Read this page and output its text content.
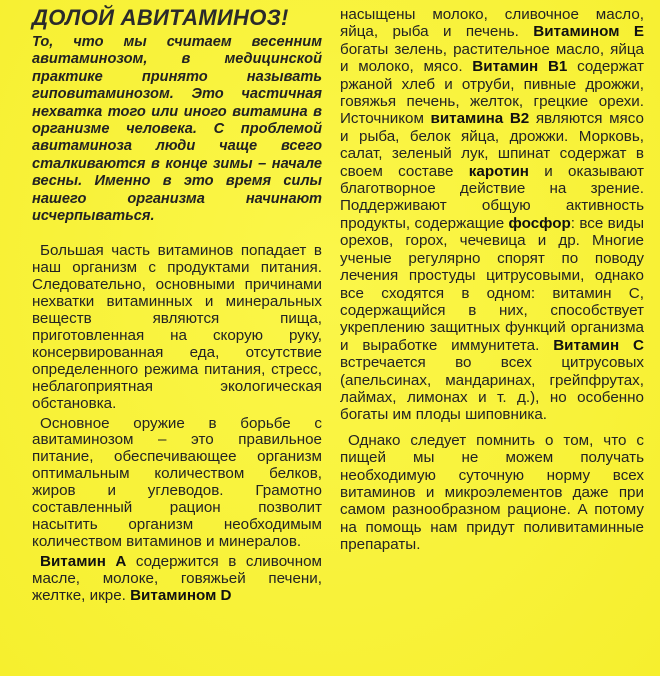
ДОЛОЙ АВИТАМИНОЗ!

То, что мы считаем весенним авитаминозом, в медицинской практике принято называть гиповитаминозом. Это частичная нехватка того или иного витамина в организме человека. С проблемой авитаминоза люди чаще всего сталкиваются в конце зимы – начале весны. Именно в это время силы нашего организма начинают исчерпываться.

Большая часть витаминов попадает в наш организм с продуктами питания. Следовательно, основными причинами нехватки витаминных и минеральных веществ являются пища, приготовленная на скорую руку, консервированная еда, отсутствие определенного режима питания, стресс, неблагоприятная экологическая обстановка.

Основное оружие в борьбе с авитаминозом – это правильное питание, обеспечивающее организм оптимальным количеством белков, жиров и углеводов. Грамотно составленный рацион позволит насытить организм необходимым количеством витаминов и минералов.

Витамин А содержится в сливочном масле, молоке, говяжьей печени, желтке, икре. Витамином D

насыщены молоко, сливочное масло, яйца, рыба и печень. Витамином Е богаты зелень, растительное масло, яйца и молоко, мясо. Витамин В1 содержат ржаной хлеб и отруби, пивные дрожжи, говяжья печень, желток, грецкие орехи. Источником витамина В2 являются мясо и рыба, белок яйца, дрожжи. Морковь, салат, зеленый лук, шпинат содержат в своем составе каротин и оказывают благотворное действие на зрение. Поддерживают общую активность продукты, содержащие фосфор: все виды орехов, горох, чечевица и др. Многие ученые регулярно спорят по поводу лечения простуды цитрусовыми, однако все сходятся в одном: витамин С, содержащийся в них, способствует укреплению защитных функций организма и выработке иммунитета. Витамин С встречается во всех цитрусовых (апельсинах, мандаринах, грейпфрутах, лаймах, лимонах и т. д.), но особенно богаты им плоды шиповника.

Однако следует помнить о том, что с пищей мы не можем получать необходимую суточную норму всех витаминов и микроэлементов даже при самом разнообразном рационе. А потому на помощь нам придут поливитаминные препараты.
